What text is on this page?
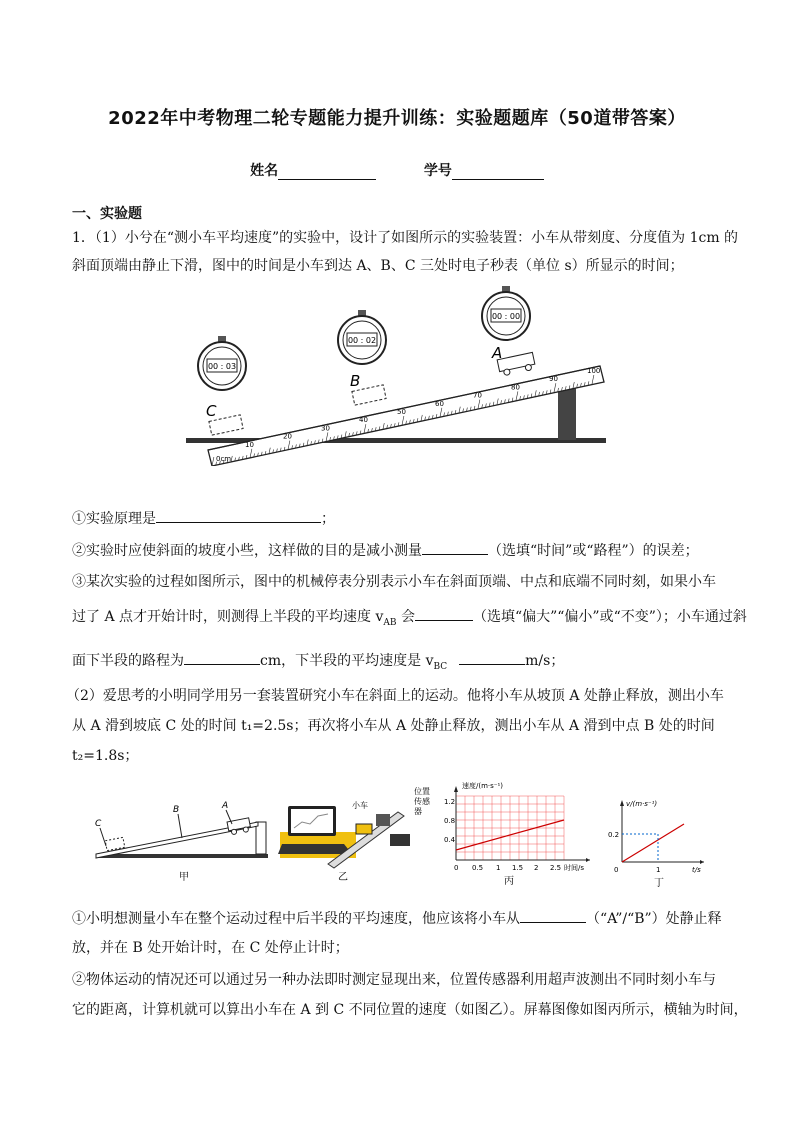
2022年中考物理二轮专题能力提升训练：实验题题库（50道带答案）
姓名	学号
一、实验题
1．（1）小兮在“测小车平均速度”的实验中，设计了如图所示的实验装置：小车从带刻度、分度值为 1cm 的
斜面顶端由静止下滑，图中的时间是小车到达 A、B、C 三处时电子秒表（单位 s）所显示的时间；
0cm
10
20
30
40
50
60
70
80
90
100
C
B
A
00 : 03
00 : 02
00 : 00
①实验原理是	；
②实验时应使斜面的坡度小些，这样做的目的是减小测量	（选填“时间”或“路程”）的误差；
③某次实验的过程如图所示，图中的机械停表分别表示小车在斜面顶端、中点和底端不同时刻，如果小车
过了 A 点才开始计时，则测得上半段的平均速度 $v_{AB}$ 会	（选填“偏大”“偏小”或“不变”）；小车通过斜
面下半段的路程为	cm，下半段的平均速度是 $v_{BC}$	m/s；
（2）爱思考的小明同学用另一套装置研究小车在斜面上的运动。他将小车从坡顶 A 处静止释放，测出小车
从 A 滑到坡底 C 处的时间 t₁=2.5s；再次将小车从 A 处静止释放，测出小车从 A 滑到中点 B 处的时间
t₂=1.8s；
C
B	A
甲
小车
位置
传感
器
乙
速度/(m·s⁻¹)
时间/s
0.4
0.8
1.2
0 0.5 1 1.5 2 2.5
丙
v/(m·s⁻¹)
0.2
1
0	t/s
丁
①小明想测量小车在整个运动过程中后半段的平均速度，他应该将小车从	（“A”/“B”）处静止释
放，并在 B 处开始计时，在 C 处停止计时；
②物体运动的情况还可以通过另一种办法即时测定显现出来，位置传感器利用超声波测出不同时刻小车与
它的距离，计算机就可以算出小车在 A 到 C 不同位置的速度（如图乙）。屏幕图像如图丙所示，横轴为时间，
